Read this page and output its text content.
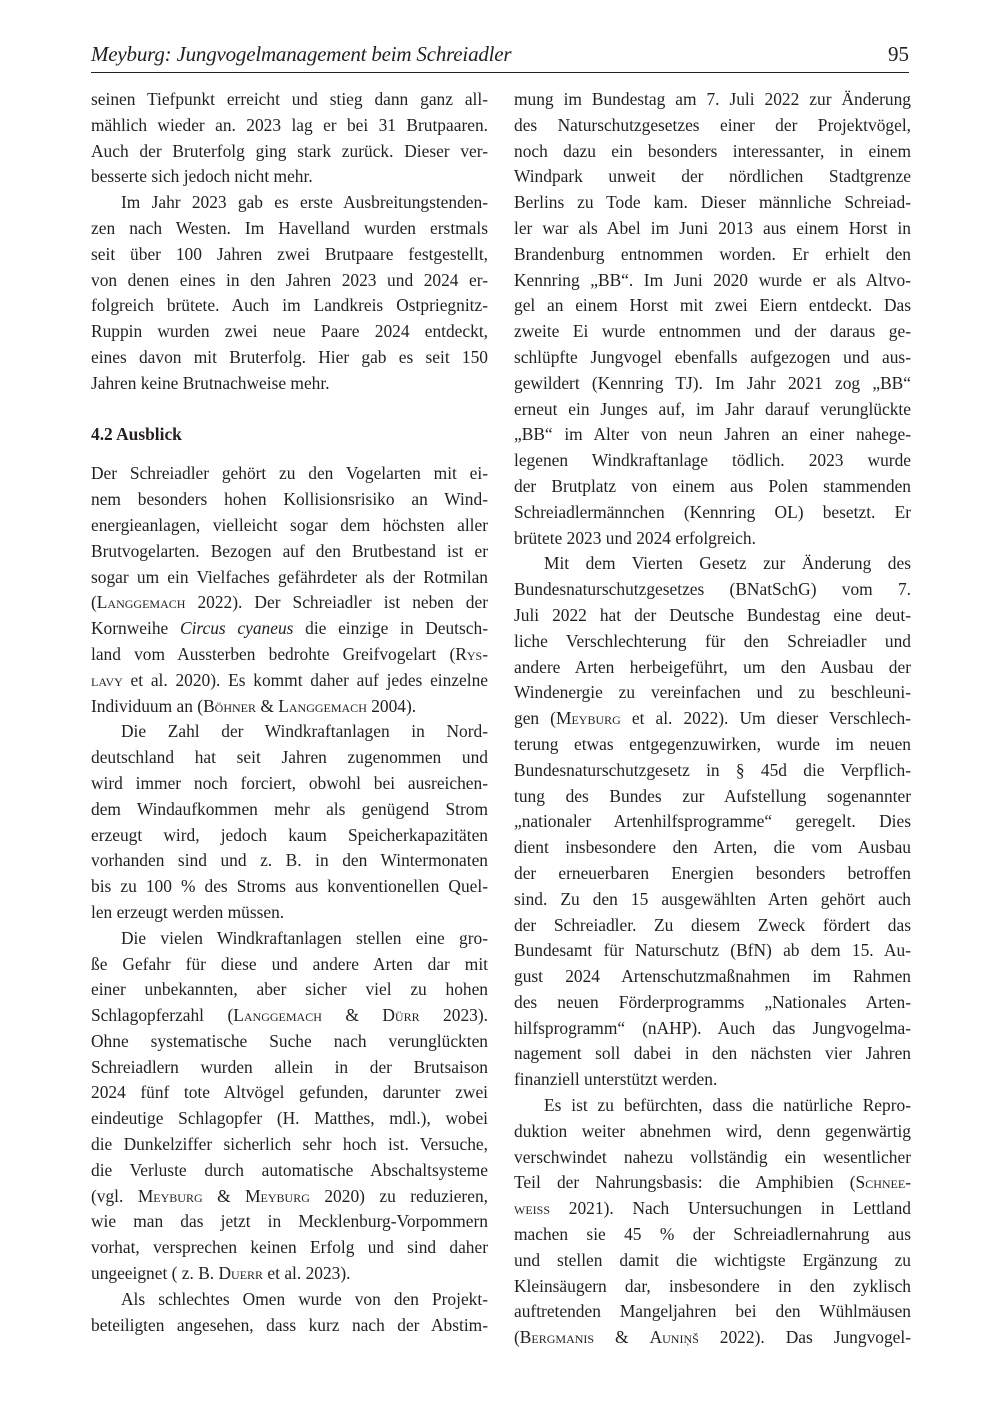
Meyburg: Jungvogelmanagement beim Schreiadler	95
seinen Tiefpunkt erreicht und stieg dann ganz all-
mählich wieder an. 2023 lag er bei 31 Brutpaaren.
Auch der Bruterfolg ging stark zurück. Dieser ver-
besserte sich jedoch nicht mehr.
Im Jahr 2023 gab es erste Ausbreitungstenden-
zen nach Westen. Im Havelland wurden erstmals
seit über 100 Jahren zwei Brutpaare festgestellt,
von denen eines in den Jahren 2023 und 2024 er-
folgreich brütete. Auch im Landkreis Ostpriegnitz-
Ruppin wurden zwei neue Paare 2024 entdeckt,
eines davon mit Bruterfolg. Hier gab es seit 150
Jahren keine Brutnachweise mehr.
4.2 Ausblick
Der Schreiadler gehört zu den Vogelarten mit ei-
nem besonders hohen Kollisionsrisiko an Wind-
energieanlagen, vielleicht sogar dem höchsten aller
Brutvogelarten. Bezogen auf den Brutbestand ist er
sogar um ein Vielfaches gefährdeter als der Rotmilan
(Langgemach 2022). Der Schreiadler ist neben der
Kornweihe Circus cyaneus die einzige in Deutsch-
land vom Aussterben bedrohte Greifvogelart (Rys-
lavy et al. 2020). Es kommt daher auf jedes einzelne
Individuum an (Böhner & Langgemach 2004).
Die Zahl der Windkraftanlagen in Nord-
deutschland hat seit Jahren zugenommen und
wird immer noch forciert, obwohl bei ausreichen-
dem Windaufkommen mehr als genügend Strom
erzeugt wird, jedoch kaum Speicherkapazitäten
vorhanden sind und z. B. in den Wintermonaten
bis zu 100 % des Stroms aus konventionellen Quel-
len erzeugt werden müssen.
Die vielen Windkraftanlagen stellen eine gro-
ße Gefahr für diese und andere Arten dar mit
einer unbekannten, aber sicher viel zu hohen
Schlagopferzahl (Langgemach & Dürr 2023).
Ohne systematische Suche nach verunglückten
Schreiadlern wurden allein in der Brutsaison
2024 fünf tote Altvögel gefunden, darunter zwei
eindeutige Schlagopfer (H. Matthes, mdl.), wobei
die Dunkelziffer sicherlich sehr hoch ist. Versuche,
die Verluste durch automatische Abschaltsysteme
(vgl. Meyburg & Meyburg 2020) zu reduzieren,
wie man das jetzt in Mecklenburg-Vorpommern
vorhat, versprechen keinen Erfolg und sind daher
ungeeignet ( z. B. Duerr et al. 2023).
Als schlechtes Omen wurde von den Projekt-
beteiligten angesehen, dass kurz nach der Abstim-
mung im Bundestag am 7. Juli 2022 zur Änderung
des Naturschutzgesetzes einer der Projektvögel,
noch dazu ein besonders interessanter, in einem
Windpark unweit der nördlichen Stadtgrenze
Berlins zu Tode kam. Dieser männliche Schreiad-
ler war als Abel im Juni 2013 aus einem Horst in
Brandenburg entnommen worden. Er erhielt den
Kennring „BB“. Im Juni 2020 wurde er als Altvo-
gel an einem Horst mit zwei Eiern entdeckt. Das
zweite Ei wurde entnommen und der daraus ge-
schlüpfte Jungvogel ebenfalls aufgezogen und aus-
gewildert (Kennring TJ). Im Jahr 2021 zog „BB“
erneut ein Junges auf, im Jahr darauf verunglückte
„BB“ im Alter von neun Jahren an einer nahege-
legenen Windkraftanlage tödlich. 2023 wurde
der Brutplatz von einem aus Polen stammenden
Schreiadlermännchen (Kennring OL) besetzt. Er
brütete 2023 und 2024 erfolgreich.
Mit dem Vierten Gesetz zur Änderung des
Bundesnaturschutzgesetzes (BNatSchG) vom 7.
Juli 2022 hat der Deutsche Bundestag eine deut-
liche Verschlechterung für den Schreiadler und
andere Arten herbeigeführt, um den Ausbau der
Windenergie zu vereinfachen und zu beschleuni-
gen (Meyburg et al. 2022). Um dieser Verschlech-
terung etwas entgegenzuwirken, wurde im neuen
Bundesnaturschutzgesetz in § 45d die Verpflich-
tung des Bundes zur Aufstellung sogenannter
„nationaler Artenhilfsprogramme“ geregelt. Dies
dient insbesondere den Arten, die vom Ausbau
der erneuerbaren Energien besonders betroffen
sind. Zu den 15 ausgewählten Arten gehört auch
der Schreiadler. Zu diesem Zweck fördert das
Bundesamt für Naturschutz (BfN) ab dem 15. Au-
gust 2024 Artenschutzmaßnahmen im Rahmen
des neuen Förderprogramms „Nationales Arten-
hilfsprogramm“ (nAHP). Auch das Jungvogelma-
nagement soll dabei in den nächsten vier Jahren
finanziell unterstützt werden.
Es ist zu befürchten, dass die natürliche Repro-
duktion weiter abnehmen wird, denn gegenwärtig
verschwindet nahezu vollständig ein wesentlicher
Teil der Nahrungsbasis: die Amphibien (Schnee-
weiss 2021). Nach Untersuchungen in Lettland
machen sie 45 % der Schreiadlernahrung aus
und stellen damit die wichtigste Ergänzung zu
Kleinsäugern dar, insbesondere in den zyklisch
auftretenden Mangeljahren bei den Wühlmäusen
(Bergmanis & Auniņš 2022). Das Jungvogel-
